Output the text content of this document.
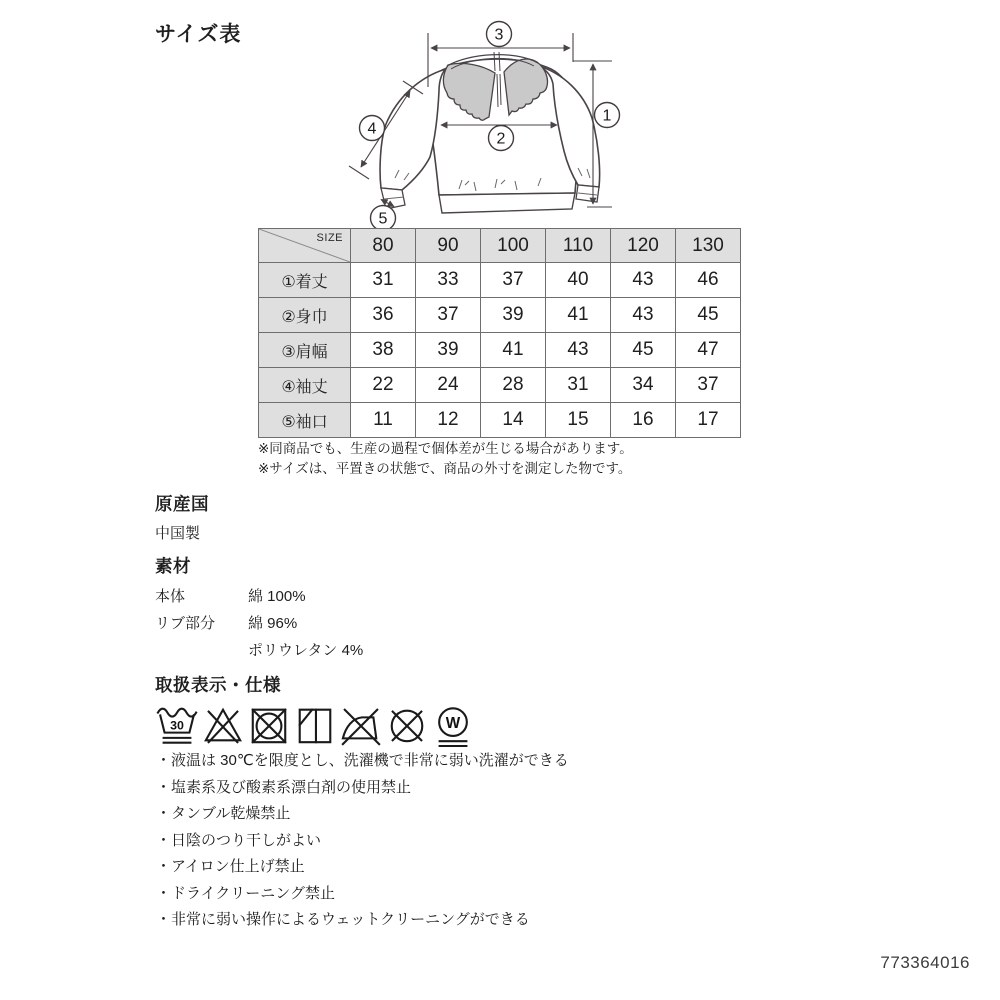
サイズ表	3
1
2
4
5
SIZE	80	90	100	110	120	130
①着丈	31	33	37	40	43	46
②身巾	36	37	39	41	43	45
③肩幅	38	39	41	43	45	47
④袖丈	22	24	28	31	34	37
⑤袖口	11	12	14	15	16	17
※同商品でも、生産の過程で個体差が生じる場合があります。
※サイズは、平置きの状態で、商品の外寸を測定した物です。
原産国
中国製
素材
本体	綿 100%
リブ部分	綿 96%
ポリウレタン 4%
取扱表示・仕様
30	W
・液温は 30℃を限度とし、洗濯機で非常に弱い洗濯ができる
・塩素系及び酸素系漂白剤の使用禁止
・タンブル乾燥禁止
・日陰のつり干しがよい
・アイロン仕上げ禁止
・ドライクリーニング禁止
・非常に弱い操作によるウェットクリーニングができる
773364016
